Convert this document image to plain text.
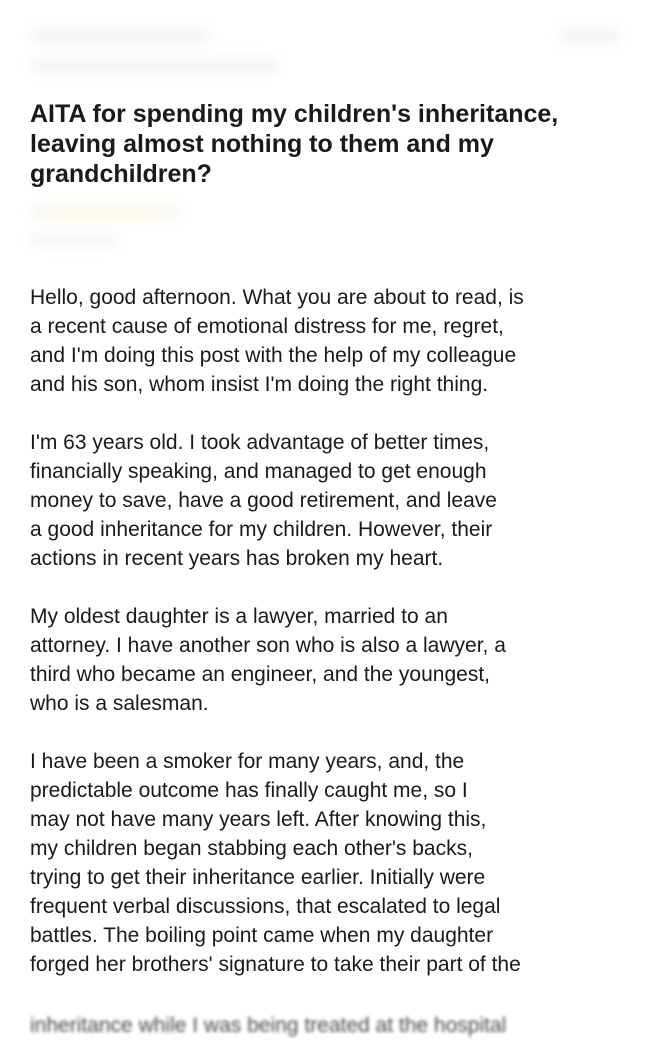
AITA for spending my children's inheritance, leaving almost nothing to them and my grandchildren?

Hello, good afternoon. What you are about to read, is
a recent cause of emotional distress for me, regret,
and I'm doing this post with the help of my colleague
and his son, whom insist I'm doing the right thing.

I'm 63 years old. I took advantage of better times,
financially speaking, and managed to get enough
money to save, have a good retirement, and leave
a good inheritance for my children. However, their
actions in recent years has broken my heart.

My oldest daughter is a lawyer, married to an
attorney. I have another son who is also a lawyer, a
third who became an engineer, and the youngest,
who is a salesman.

I have been a smoker for many years, and, the
predictable outcome has finally caught me, so I
may not have many years left. After knowing this,
my children began stabbing each other's backs,
trying to get their inheritance earlier. Initially were
frequent verbal discussions, that escalated to legal
battles. The boiling point came when my daughter
forged her brothers' signature to take their part of the

inheritance while I was being treated at the hospital
